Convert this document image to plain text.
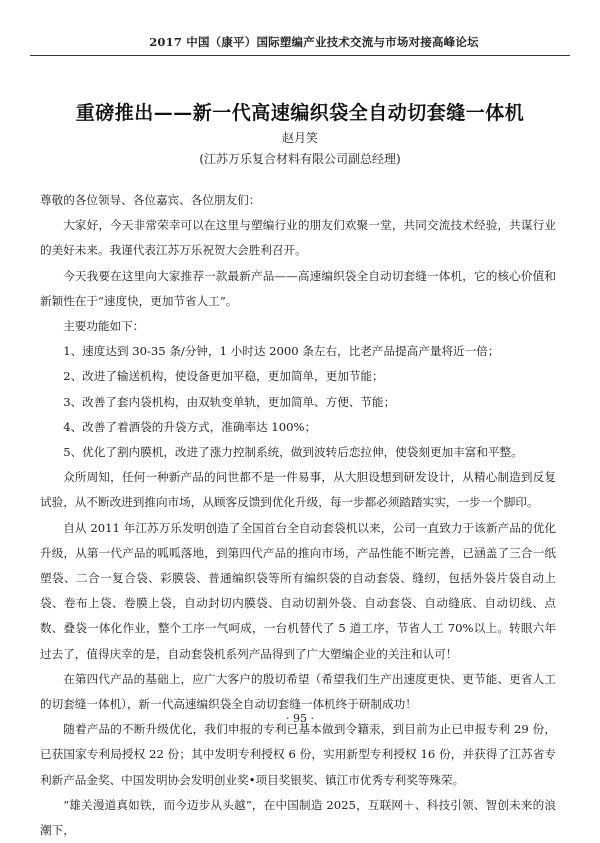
2017 中国（康平）国际塑编产业技术交流与市场对接高峰论坛
重磅推出——新一代高速编织袋全自动切套缝一体机
赵月笑
(江苏万乐复合材料有限公司副总经理)

尊敬的各位领导、各位嘉宾、各位朋友们：

大家好，今天非常荣幸可以在这里与塑编行业的朋友们欢聚一堂，共同交流技术经验，共谋行业的美好未来。我谨代表江苏万乐祝贺大会胜利召开。

今天我要在这里向大家推荐一款最新产品——高速编织袋全自动切套缝一体机，它的核心价值和新颖性在于“速度快，更加节省人工”。

主要功能如下：

1、速度达到 30-35 条/分钟，1 小时达 2000 条左右，比老产品提高产量将近一倍；

2、改进了输送机构，使设备更加平稳，更加简单，更加节能；

3、改善了套内袋机构，由双轨变单轨，更加简单、方便、节能；

4、改善了着酒袋的升袋方式，准确率达 100%；

5、优化了割内膜机，改进了涨力控制系统，做到波转后恋拉伸，使袋刻更加丰富和平整。

众所周知，任何一种新产品的问世都不是一件易事，从大胆设想到研发设计，从精心制造到反复试验，从不断改进到推向市场，从顾客反馈到优化升级，每一步都必须踏踏实实，一步一个脚印。

自从 2011 年江苏万乐发明创造了全国首台全自动套袋机以来，公司一直致力于该新产品的优化升级，从第一代产品的呱呱落地，到第四代产品的推向市场，产品性能不断完善，已涵盖了三合一纸塑袋、二合一复合袋、彩膜袋、普通编织袋等所有编织袋的自动套袋、缝纫，包括外袋片袋自动上袋、卷布上袋、卷膜上袋，自动封切内膜袋、自动切割外袋、自动套袋、自动缝底、自动切线、点数、叠袋一体化作业，整个工序一气呵成，一台机替代了 5 道工序，节省人工 70%以上。转眼六年过去了，值得庆幸的是，自动套袋机系列产品得到了广大塑编企业的关注和认可！

在第四代产品的基础上，应广大客户的殷切希望（希望我们生产出速度更快、更节能、更省人工的切套缝一体机），新一代高速编织袋全自动切套缝一体机终于研制成功！

随着产品的不断升级优化，我们申报的专利已基本做到令籍汞，到目前为止已申报专利 29 份，已获国家专利局授权 22 份；其中发明专利授权 6 份，实用新型专利授权 16 份，并获得了江苏省专利新产品金奖、中国发明协会发明创业奖•项目奖银奖、镇江市优秀专利奖等殊荣。

“雄关漫道真如铁，而今迈步从头越”，在中国制造 2025，互联网＋、科技引领、智创未来的浪潮下，

· 95 ·
